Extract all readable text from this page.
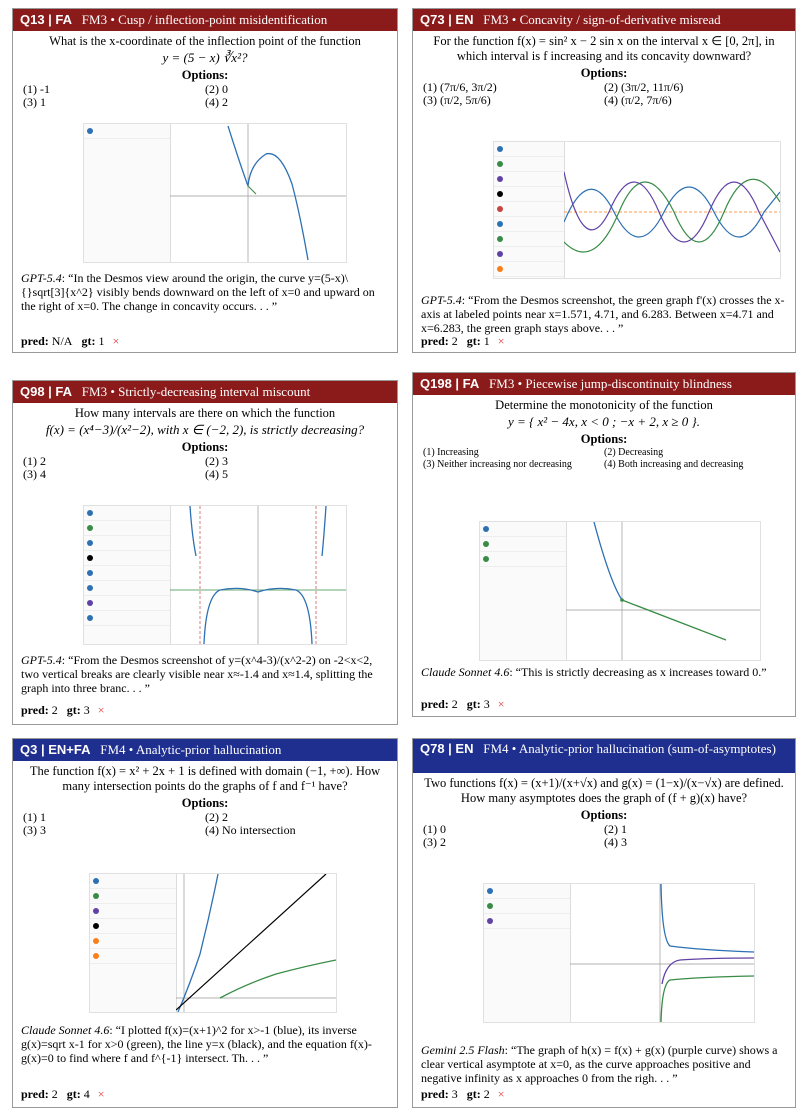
Q13 | FA FM3 • Cusp / inflection-point misidentification
What is the x-coordinate of the inflection point of the function
y = (5 − x) ∛x²?
Options:
(1) -1	(2) 0
(3) 1	(4) 2
GPT-5.4: “In the Desmos view around the origin, the curve y=(5-x)\{}sqrt[3]{x^2} visibly bends downward on the left of x=0 and upward on the right of x=0. The change in concavity occurs. . . ”
pred: N/A gt: 1 ×
Q73 | EN FM3 • Concavity / sign-of-derivative misread
For the function f(x) = sin² x − 2 sin x on the interval x ∈ [0, 2π], in which interval is f increasing and its concavity downward?
Options:
(1) (7π/6, 3π/2)	(2) (3π/2, 11π/6)
(3) (π/2, 5π/6)	(4) (π/2, 7π/6)
GPT-5.4: “From the Desmos screenshot, the green graph f'(x) crosses the x-axis at labeled points near x=1.571, 4.71, and 6.283. Between x=4.71 and x=6.283, the green graph stays above. . . ”
pred: 2 gt: 1 ×
Q98 | FA FM3 • Strictly-decreasing interval miscount
How many intervals are there on which the function
f(x) = (x⁴−3)/(x²−2), with x ∈ (−2, 2), is strictly decreasing?
Options:
(1) 2	(2) 3
(3) 4	(4) 5
GPT-5.4: “From the Desmos screenshot of y=(x^4-3)/(x^2-2) on -2<x<2, two vertical breaks are clearly visible near x≈-1.4 and x≈1.4, splitting the graph into three branc. . . ”
pred: 2 gt: 3 ×
Q198 | FA FM3 • Piecewise jump-discontinuity blindness
Determine the monotonicity of the function
y = { x² − 4x, x < 0 ; −x + 2, x ≥ 0 }.
Options:
(1) Increasing	(2) Decreasing
(3) Neither increasing nor decreasing	(4) Both increasing and decreasing
Claude Sonnet 4.6: “This is strictly decreasing as x increases toward 0.”
pred: 2 gt: 3 ×
Q3 | EN+FA FM4 • Analytic-prior hallucination
The function f(x) = x² + 2x + 1 is defined with domain (−1, +∞). How many intersection points do the graphs of f and f⁻¹ have?
Options:
(1) 1	(2) 2
(3) 3	(4) No intersection
Claude Sonnet 4.6: “I plotted f(x)=(x+1)^2 for x>-1 (blue), its inverse g(x)=sqrt x-1 for x>0 (green), the line y=x (black), and the equation f(x)-g(x)=0 to find where f and f^{-1} intersect. Th. . . ”
pred: 2 gt: 4 ×
Q78 | EN FM4 • Analytic-prior hallucination (sum-of-asymptotes)
Two functions f(x) = (x+1)/(x+√x) and g(x) = (1−x)/(x−√x) are defined. How many asymptotes does the graph of (f + g)(x) have?
Options:
(1) 0	(2) 1
(3) 2	(4) 3
Gemini 2.5 Flash: “The graph of h(x) = f(x) + g(x) (purple curve) shows a clear vertical asymptote at x=0, as the curve approaches positive and negative infinity as x approaches 0 from the righ. . . ”
pred: 3 gt: 2 ×
